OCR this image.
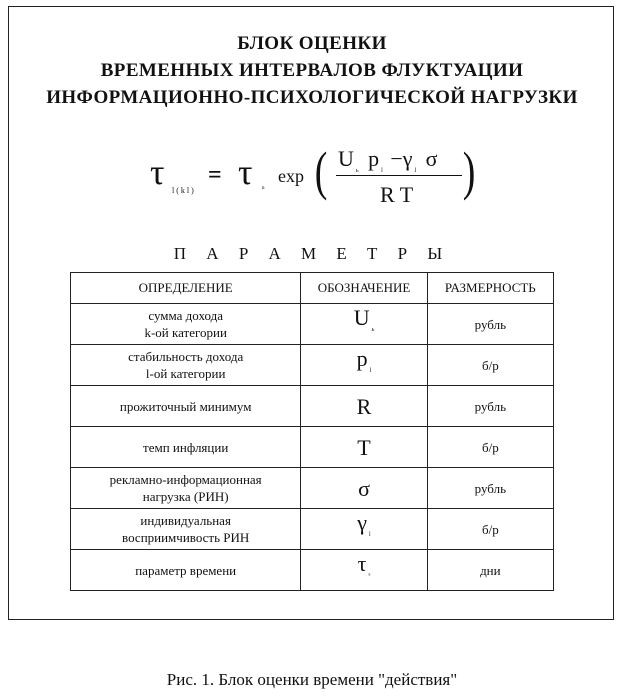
БЛОК ОЦЕНКИ
ВРЕМЕННЫХ ИНТЕРВАЛОВ ФЛУКТУАЦИИ
ИНФОРМАЦИОННО-ПСИХОЛОГИЧЕСКОЙ НАГРУЗКИ
τ l ( k l )
= τ ⁿ
exp ( U $_ь$ p $_l$ −γ $_l$ σ
R T )
П А Р А М Е Т Р Ы
ОПРЕДЕЛЕНИЕ	ОБОЗНАЧЕНИЕ	РАЗМЕРНОСТЬ
сумма дохода
k-ой категории	U $_ь$	рубль
стабильность дохода
l-ой категории	p $_l$	б/р
прожиточный минимум	R	рубль
темп инфляции	T	б/р
рекламно-информационная
нагрузка (РИН)	σ	рубль
индивидуальная
восприимчивость РИН	γ $_l$	б/р
параметр времени	τ $_{^n}$	дни
Рис. 1. Блок оценки времени "действия"
